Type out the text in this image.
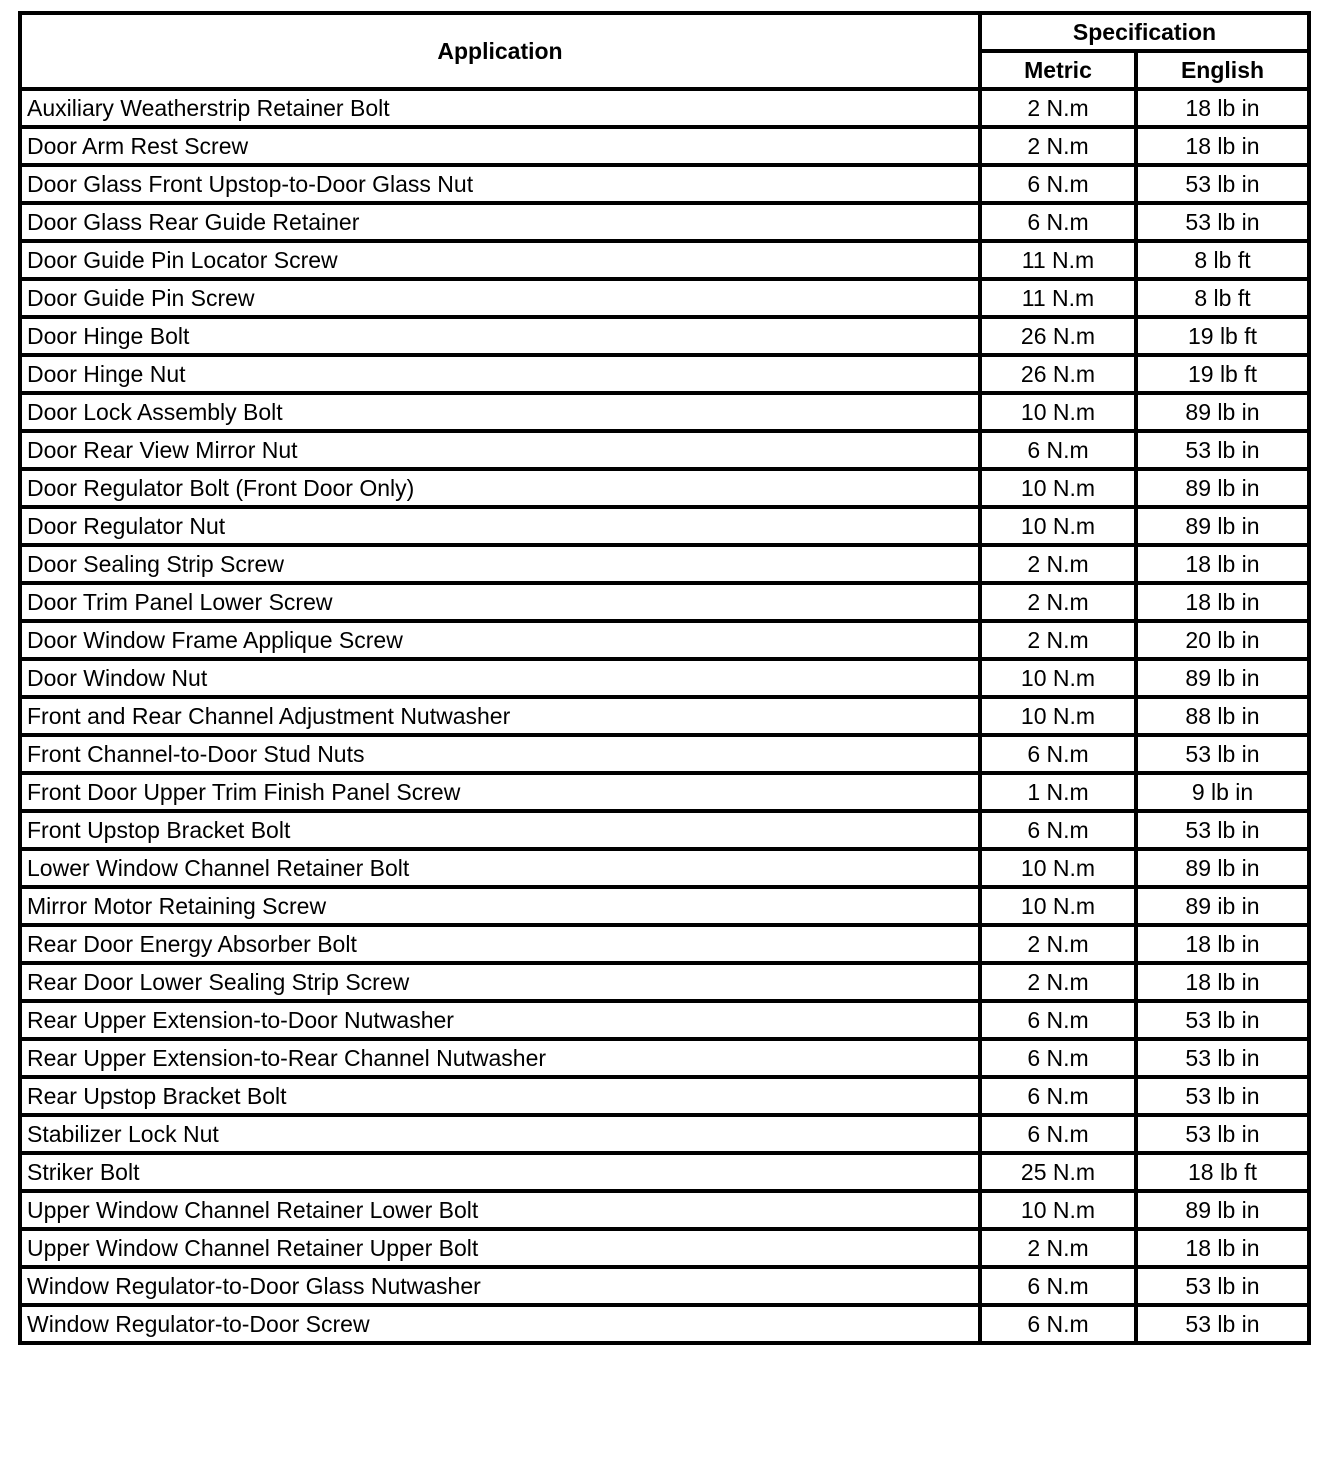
Application	Specification	
	Metric	English
Auxiliary Weatherstrip Retainer Bolt	2 N.m	18 lb in
Door Arm Rest Screw	2 N.m	18 lb in
Door Glass Front Upstop-to-Door Glass Nut	6 N.m	53 lb in
Door Glass Rear Guide Retainer	6 N.m	53 lb in
Door Guide Pin Locator Screw	11 N.m	8 lb ft
Door Guide Pin Screw	11 N.m	8 lb ft
Door Hinge Bolt	26 N.m	19 lb ft
Door Hinge Nut	26 N.m	19 lb ft
Door Lock Assembly Bolt	10 N.m	89 lb in
Door Rear View Mirror Nut	6 N.m	53 lb in
Door Regulator Bolt (Front Door Only)	10 N.m	89 lb in
Door Regulator Nut	10 N.m	89 lb in
Door Sealing Strip Screw	2 N.m	18 lb in
Door Trim Panel Lower Screw	2 N.m	18 lb in
Door Window Frame Applique Screw	2 N.m	20 lb in
Door Window Nut	10 N.m	89 lb in
Front and Rear Channel Adjustment Nutwasher	10 N.m	88 lb in
Front Channel-to-Door Stud Nuts	6 N.m	53 lb in
Front Door Upper Trim Finish Panel Screw	1 N.m	9 lb in
Front Upstop Bracket Bolt	6 N.m	53 lb in
Lower Window Channel Retainer Bolt	10 N.m	89 lb in
Mirror Motor Retaining Screw	10 N.m	89 ib in
Rear Door Energy Absorber Bolt	2 N.m	18 lb in
Rear Door Lower Sealing Strip Screw	2 N.m	18 lb in
Rear Upper Extension-to-Door Nutwasher	6 N.m	53 lb in
Rear Upper Extension-to-Rear Channel Nutwasher	6 N.m	53 lb in
Rear Upstop Bracket Bolt	6 N.m	53 lb in
Stabilizer Lock Nut	6 N.m	53 lb in
Striker Bolt	25 N.m	18 lb ft
Upper Window Channel Retainer Lower Bolt	10 N.m	89 lb in
Upper Window Channel Retainer Upper Bolt	2 N.m	18 lb in
Window Regulator-to-Door Glass Nutwasher	6 N.m	53 lb in
Window Regulator-to-Door Screw	6 N.m	53 lb in
